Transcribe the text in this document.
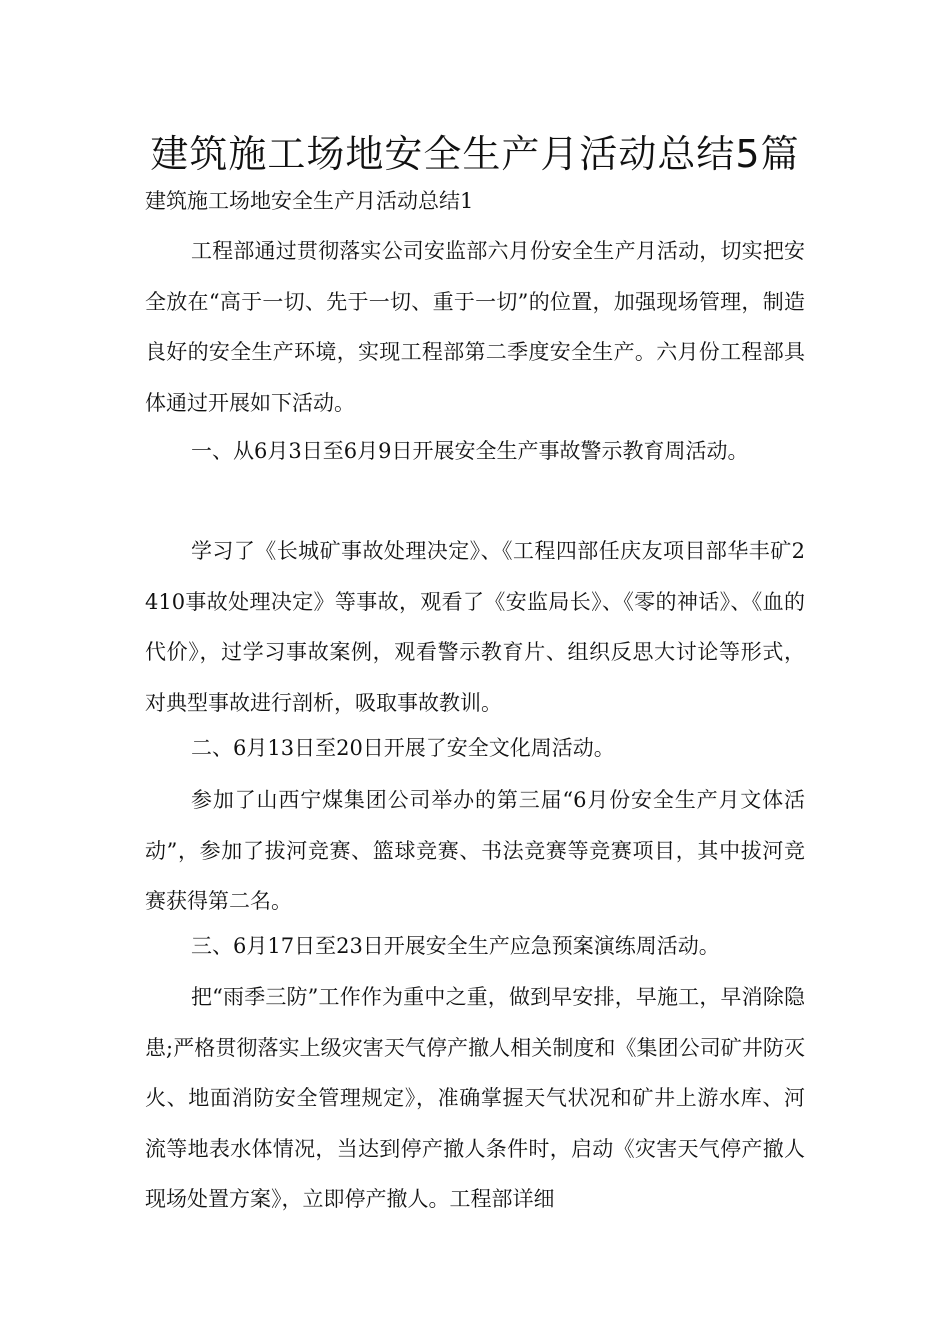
建筑施工场地安全生产月活动总结5篇

建筑施工场地安全生产月活动总结1

工程部通过贯彻落实公司安监部六月份安全生产月活动，切实把安全放在“高于一切、先于一切、重于一切”的位置，加强现场管理，制造良好的安全生产环境，实现工程部第二季度安全生产。六月份工程部具体通过开展如下活动。

一、从6月3日至6月9日开展安全生产事故警示教育周活动。

学习了《长城矿事故处理决定》、《工程四部任庆友项目部华丰矿2410事故处理决定》等事故，观看了《安监局长》、《零的神话》、《血的代价》，过学习事故案例，观看警示教育片、组织反思大讨论等形式，对典型事故进行剖析，吸取事故教训。

二、6月13日至20日开展了安全文化周活动。

参加了山西宁煤集团公司举办的第三届“6月份安全生产月文体活动”，参加了拔河竞赛、篮球竞赛、书法竞赛等竞赛项目，其中拔河竞赛获得第二名。

三、6月17日至23日开展安全生产应急预案演练周活动。

把“雨季三防”工作作为重中之重，做到早安排，早施工，早消除隐患;严格贯彻落实上级灾害天气停产撤人相关制度和《集团公司矿井防灭火、地面消防安全管理规定》，准确掌握天气状况和矿井上游水库、河流等地表水体情况，当达到停产撤人条件时，启动《灾害天气停产撤人现场处置方案》，立即停产撤人。工程部详细
